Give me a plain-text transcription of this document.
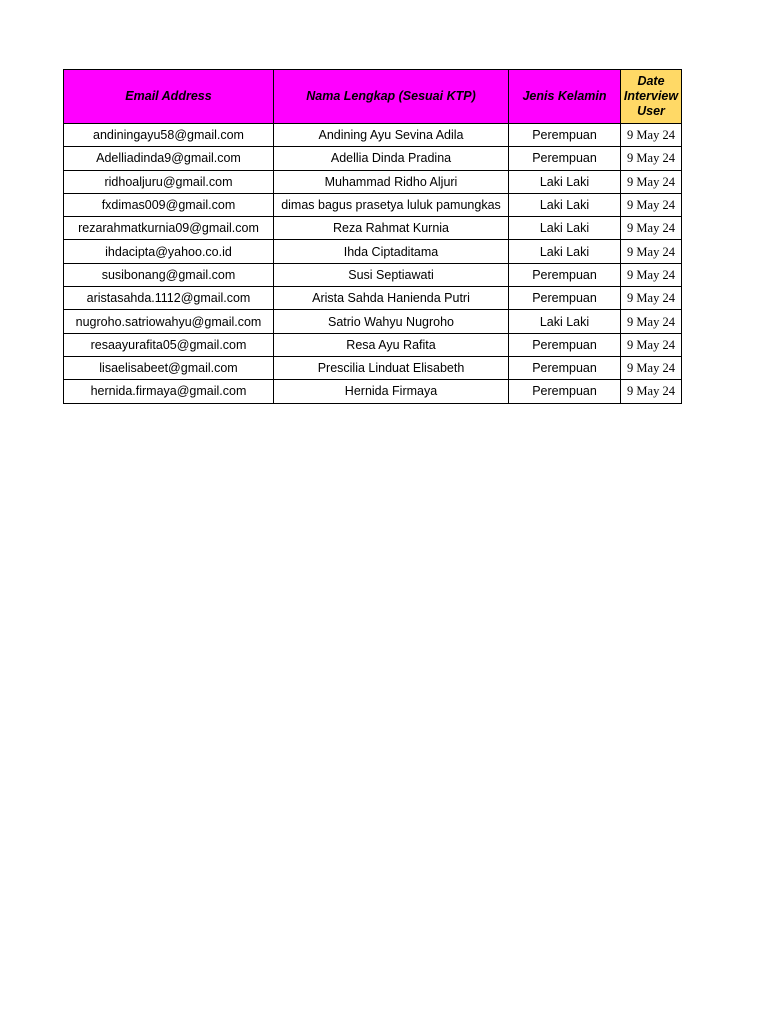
Email Address	Nama Lengkap (Sesuai KTP)	Jenis Kelamin	Date Interview User
andiningayu58@gmail.com	Andining Ayu Sevina Adila	Perempuan	9 May 24
Adelliadinda9@gmail.com	Adellia Dinda Pradina	Perempuan	9 May 24
ridhoaljuru@gmail.com	Muhammad Ridho Aljuri	Laki Laki	9 May 24
fxdimas009@gmail.com	dimas bagus prasetya luluk pamungkas	Laki Laki	9 May 24
rezarahmatkurnia09@gmail.com	Reza Rahmat Kurnia	Laki Laki	9 May 24
ihdacipta@yahoo.co.id	Ihda Ciptaditama	Laki Laki	9 May 24
susibonang@gmail.com	Susi Septiawati	Perempuan	9 May 24
aristasahda.1112@gmail.com	Arista Sahda Hanienda Putri	Perempuan	9 May 24
nugroho.satriowahyu@gmail.com	Satrio Wahyu Nugroho	Laki Laki	9 May 24
resaayurafita05@gmail.com	Resa Ayu Rafita	Perempuan	9 May 24
lisaelisabeet@gmail.com	Prescilia Linduat Elisabeth	Perempuan	9 May 24
hernida.firmaya@gmail.com	Hernida Firmaya	Perempuan	9 May 24
